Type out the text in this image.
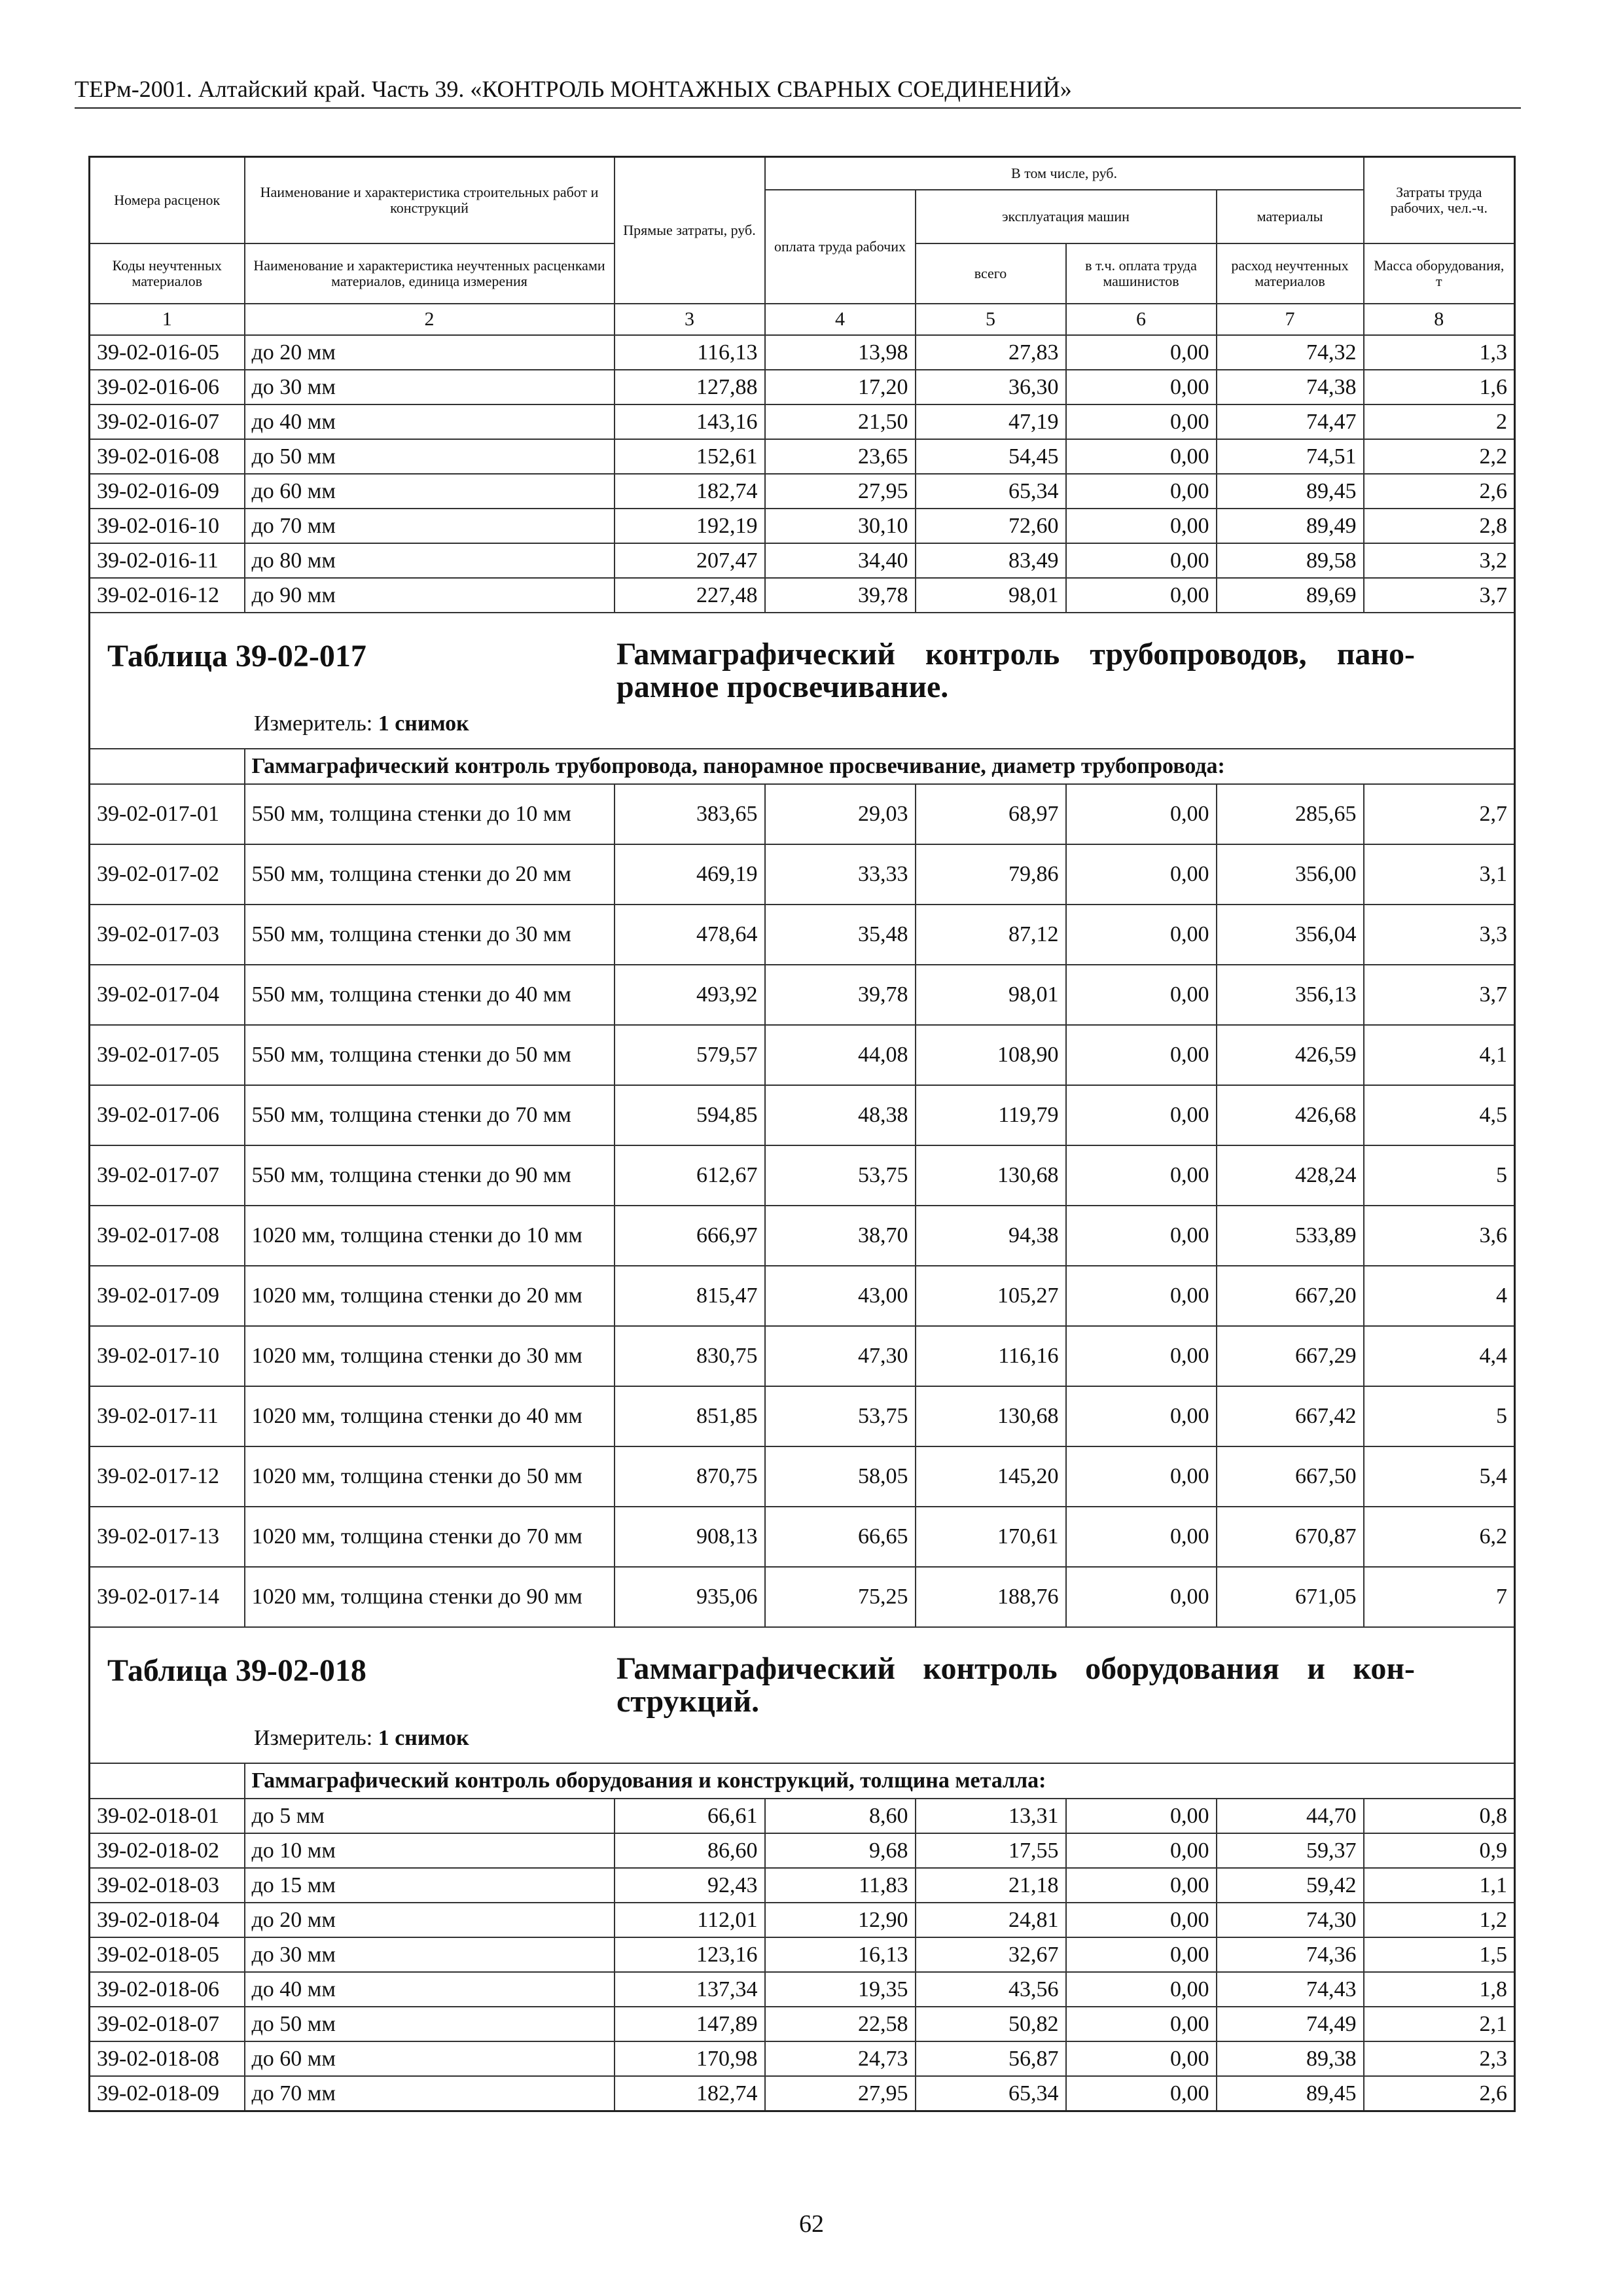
ТЕРм-2001. Алтайский край. Часть 39. «КОНТРОЛЬ МОНТАЖНЫХ СВАРНЫХ СОЕДИНЕНИЙ»
Номера расценок	Наименование и характеристика строительных работ и конструкций	Прямые затраты, руб.	В том числе, руб.				Затраты труда рабочих, чел.-ч.
			оплата труда рабочих	эксплуатация машин		материалы	
Коды неучтенных материалов	Наименование и характеристика неучтенных расценками материалов, единица измерения			всего	в т.ч. оплата труда машинистов	расход неучтенных материалов	Масса оборудования, т
1	2	3	4	5	6	7	8
39-02-016-05	до 20 мм	116,13	13,98	27,83	0,00	74,32	1,3
39-02-016-06	до 30 мм	127,88	17,20	36,30	0,00	74,38	1,6
39-02-016-07	до 40 мм	143,16	21,50	47,19	0,00	74,47	2
39-02-016-08	до 50 мм	152,61	23,65	54,45	0,00	74,51	2,2
39-02-016-09	до 60 мм	182,74	27,95	65,34	0,00	89,45	2,6
39-02-016-10	до 70 мм	192,19	30,10	72,60	0,00	89,49	2,8
39-02-016-11	до 80 мм	207,47	34,40	83,49	0,00	89,58	3,2
39-02-016-12	до 90 мм	227,48	39,78	98,01	0,00	89,69	3,7

Таблица 39-02-017 Гаммаграфический контроль трубопроводов, пано-рамное просвечивание.
Измеритель: 1 снимок							

	Гаммаграфический контроль трубопровода, панорамное просвечивание, диаметр трубопровода:						
39-02-017-01	550 мм, толщина стенки до 10 мм	383,65	29,03	68,97	0,00	285,65	2,7
39-02-017-02	550 мм, толщина стенки до 20 мм	469,19	33,33	79,86	0,00	356,00	3,1
39-02-017-03	550 мм, толщина стенки до 30 мм	478,64	35,48	87,12	0,00	356,04	3,3
39-02-017-04	550 мм, толщина стенки до 40 мм	493,92	39,78	98,01	0,00	356,13	3,7
39-02-017-05	550 мм, толщина стенки до 50 мм	579,57	44,08	108,90	0,00	426,59	4,1
39-02-017-06	550 мм, толщина стенки до 70 мм	594,85	48,38	119,79	0,00	426,68	4,5
39-02-017-07	550 мм, толщина стенки до 90 мм	612,67	53,75	130,68	0,00	428,24	5
39-02-017-08	1020 мм, толщина стенки до 10 мм	666,97	38,70	94,38	0,00	533,89	3,6
39-02-017-09	1020 мм, толщина стенки до 20 мм	815,47	43,00	105,27	0,00	667,20	4
39-02-017-10	1020 мм, толщина стенки до 30 мм	830,75	47,30	116,16	0,00	667,29	4,4
39-02-017-11	1020 мм, толщина стенки до 40 мм	851,85	53,75	130,68	0,00	667,42	5
39-02-017-12	1020 мм, толщина стенки до 50 мм	870,75	58,05	145,20	0,00	667,50	5,4
39-02-017-13	1020 мм, толщина стенки до 70 мм	908,13	66,65	170,61	0,00	670,87	6,2
39-02-017-14	1020 мм, толщина стенки до 90 мм	935,06	75,25	188,76	0,00	671,05	7

Таблица 39-02-018 Гаммаграфический контроль оборудования и кон-струкций.
Измеритель: 1 снимок							

	Гаммаграфический контроль оборудования и конструкций, толщина металла:						
39-02-018-01	до 5 мм	66,61	8,60	13,31	0,00	44,70	0,8
39-02-018-02	до 10 мм	86,60	9,68	17,55	0,00	59,37	0,9
39-02-018-03	до 15 мм	92,43	11,83	21,18	0,00	59,42	1,1
39-02-018-04	до 20 мм	112,01	12,90	24,81	0,00	74,30	1,2
39-02-018-05	до 30 мм	123,16	16,13	32,67	0,00	74,36	1,5
39-02-018-06	до 40 мм	137,34	19,35	43,56	0,00	74,43	1,8
39-02-018-07	до 50 мм	147,89	22,58	50,82	0,00	74,49	2,1
39-02-018-08	до 60 мм	170,98	24,73	56,87	0,00	89,38	2,3
39-02-018-09	до 70 мм	182,74	27,95	65,34	0,00	89,45	2,6
62
